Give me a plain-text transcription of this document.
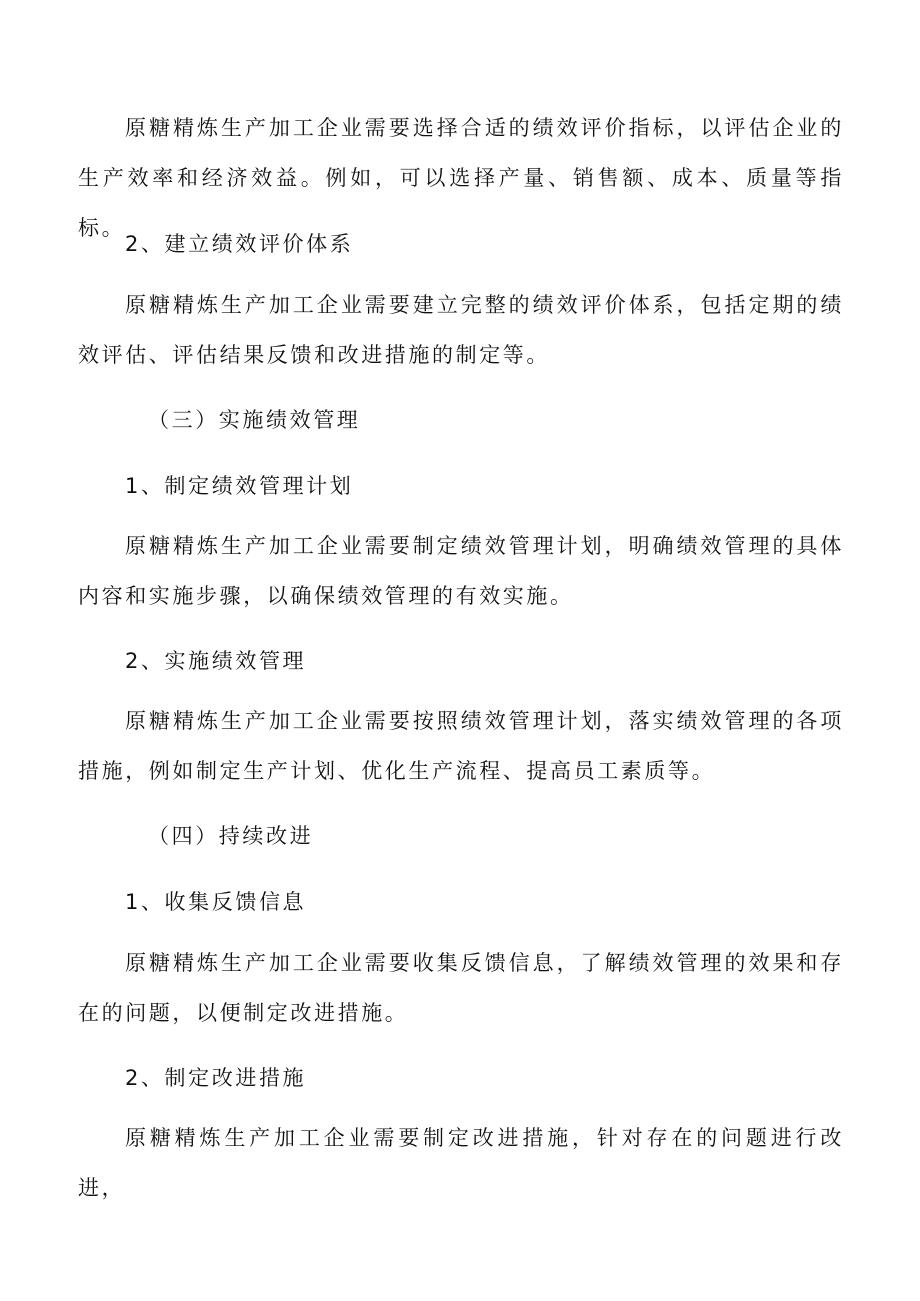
原糖精炼生产加工企业需要选择合适的绩效评价指标，以评估企业的生产效率和经济效益。例如，可以选择产量、销售额、成本、质量等指标。

2、建立绩效评价体系

原糖精炼生产加工企业需要建立完整的绩效评价体系，包括定期的绩效评估、评估结果反馈和改进措施的制定等。

（三）实施绩效管理

1、制定绩效管理计划

原糖精炼生产加工企业需要制定绩效管理计划，明确绩效管理的具体内容和实施步骤，以确保绩效管理的有效实施。

2、实施绩效管理

原糖精炼生产加工企业需要按照绩效管理计划，落实绩效管理的各项措施，例如制定生产计划、优化生产流程、提高员工素质等。

（四）持续改进

1、收集反馈信息

原糖精炼生产加工企业需要收集反馈信息，了解绩效管理的效果和存在的问题，以便制定改进措施。

2、制定改进措施

原糖精炼生产加工企业需要制定改进措施，针对存在的问题进行改进，
